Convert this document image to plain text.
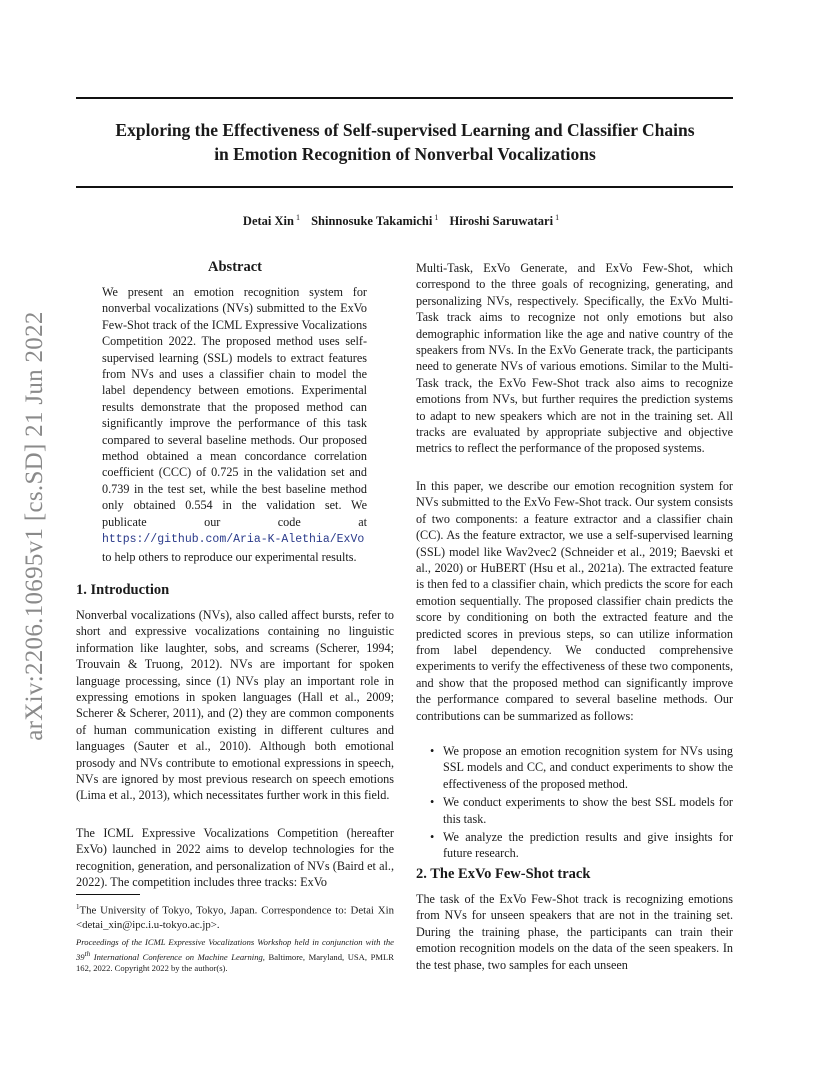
arXiv:2206.10695v1 [cs.SD] 21 Jun 2022
Exploring the Effectiveness of Self-supervised Learning and Classifier Chains
in Emotion Recognition of Nonverbal Vocalizations
Detai Xin $^1$ Shinnosuke Takamichi $^1$ Hiroshi Saruwatari $^1$
Abstract
We present an emotion recognition system for nonverbal vocalizations (NVs) submitted to the ExVo Few-Shot track of the ICML Expressive Vocalizations Competition 2022. The proposed method uses self-supervised learning (SSL) models to extract features from NVs and uses a classifier chain to model the label dependency between emotions. Experimental results demonstrate that the proposed method can significantly improve the performance of this task compared to several baseline methods. Our proposed method obtained a mean concordance correlation coefficient (CCC) of 0.725 in the validation set and 0.739 in the test set, while the best baseline method only obtained 0.554 in the validation set. We publicate our code at https://github.com/Aria-K-Alethia/ExVo to help others to reproduce our experimental results.
1. Introduction

Nonverbal vocalizations (NVs), also called affect bursts, refer to short and expressive vocalizations containing no linguistic information like laughter, sobs, and screams (Scherer, 1994; Trouvain & Truong, 2012). NVs are important for spoken language processing, since (1) NVs play an important role in expressing emotions in spoken languages (Hall et al., 2009; Scherer & Scherer, 2011), and (2) they are common components of human communication existing in different cultures and languages (Sauter et al., 2010). Although both emotional prosody and NVs contribute to emotional expressions in speech, NVs are ignored by most previous research on speech emotions (Lima et al., 2013), which necessitates further work in this field.

The ICML Expressive Vocalizations Competition (hereafter ExVo) launched in 2022 aims to develop technologies for the recognition, generation, and personalization of NVs (Baird et al., 2022). The competition includes three tracks: ExVo

$^1$The University of Tokyo, Tokyo, Japan. Correspondence to: Detai Xin <detai_xin@ipc.i.u-tokyo.ac.jp>.
Proceedings of the ICML Expressive Vocalizations Workshop held in conjunction with the 39th International Conference on Machine Learning, Baltimore, Maryland, USA, PMLR 162, 2022. Copyright 2022 by the author(s).

Multi-Task, ExVo Generate, and ExVo Few-Shot, which correspond to the three goals of recognizing, generating, and personalizing NVs, respectively. Specifically, the ExVo Multi-Task track aims to recognize not only emotions but also demographic information like the age and native country of the speakers from NVs. In the ExVo Generate track, the participants need to generate NVs of various emotions. Similar to the Multi-Task track, the ExVo Few-Shot track also aims to recognize emotions from NVs, but further requires the prediction systems to adapt to new speakers which are not in the training set. All tracks are evaluated by appropriate subjective and objective metrics to reflect the performance of the proposed systems.

In this paper, we describe our emotion recognition system for NVs submitted to the ExVo Few-Shot track. Our system consists of two components: a feature extractor and a classifier chain (CC). As the feature extractor, we use a self-supervised learning (SSL) model like Wav2vec2 (Schneider et al., 2019; Baevski et al., 2020) or HuBERT (Hsu et al., 2021a). The extracted feature is then fed to a classifier chain, which predicts the score for each emotion sequentially. The proposed classifier chain predicts the score by conditioning on both the extracted feature and the predicted scores in previous steps, so can utilize information from label dependency. We conducted comprehensive experiments to verify the effectiveness of these two components, and show that the proposed method can significantly improve the performance compared to several baseline methods. Our contributions can be summarized as follows:

• We propose an emotion recognition system for NVs using SSL models and CC, and conduct experiments to show the effectiveness of the proposed method.
• We conduct experiments to show the best SSL models for this task.
• We analyze the prediction results and give insights for future research.
2. The ExVo Few-Shot track

The task of the ExVo Few-Shot track is recognizing emotions from NVs for unseen speakers that are not in the training set. During the training phase, the participants can train their emotion recognition models on the data of the seen speakers. In the test phase, two samples for each unseen
